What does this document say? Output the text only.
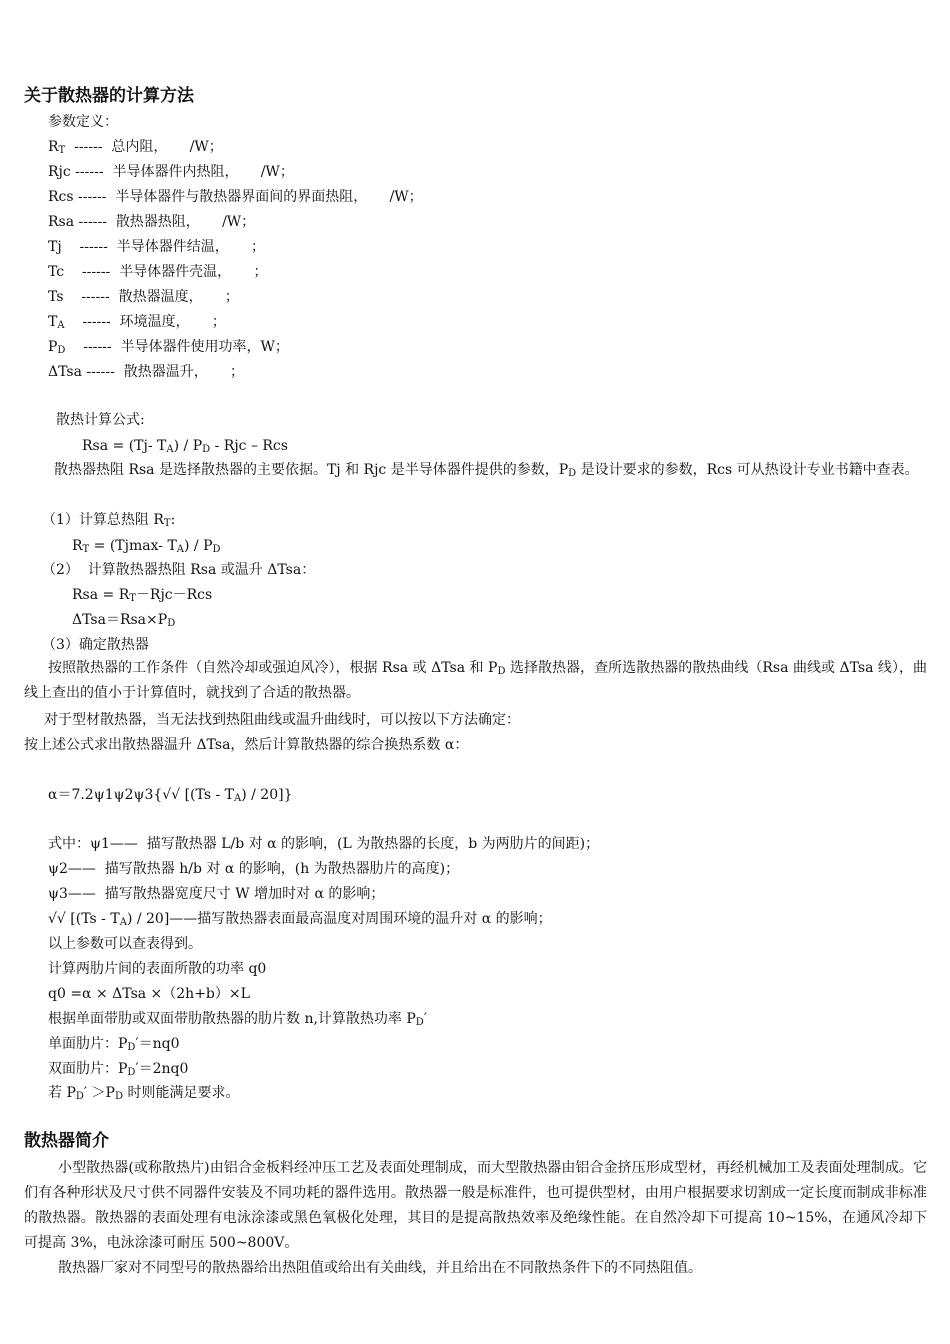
关于散热器的计算方法
参数定义：
$R_T$  ------  总内阻，     /W；
Rjc ------  半导体器件内热阻，     /W；
Rcs ------  半导体器件与散热器界面间的界面热阻，     /W；
Rsa ------  散热器热阻，     /W；
Tj    ------  半导体器件结温，     ；
Tc    ------  半导体器件壳温，     ；
Ts    ------  散热器温度，     ；
$T_A$    ------  环境温度，     ；
$P_D$    ------  半导体器件使用功率，W；
ΔTsa ------  散热器温升，     ；
散热计算公式:
Rsa = (Tj- $T_A) / P_D$ - Rjc – Rcs
散热器热阻 Rsa 是选择散热器的主要依据。Tj 和 Rjc 是半导体器件提供的参数，$P_D$ 是设计要求的参数，Rcs 可从热设计专业书籍中查表。
（1）计算总热阻 $R_T$:
$R_T = (Tjmax-$ $T_A) / P_D$
（2）  计算散热器热阻 Rsa 或温升 ΔTsa：
Rsa = $R_T-Rjc-Rcs$
$\Delta Tsa=Rsa\times P_D$
（3）确定散热器
按照散热器的工作条件（自然冷却或强迫风冷），根据 Rsa 或 ΔTsa 和 $P_D$ 选择散热器，查所选散热器的散热曲线（Rsa 曲线或 ΔTsa 线），曲线上查出的值小于计算值时，就找到了合适的散热器。
对于型材散热器，当无法找到热阻曲线或温升曲线时，可以按以下方法确定：
按上述公式求出散热器温升 ΔTsa，然后计算散热器的综合换热系数 α：
α＝7.2ψ1ψ2ψ3{√√ $[(Ts - T_A) / 20]$}
式中：ψ1——  描写散热器 L/b 对 α 的影响，(L 为散热器的长度，b 为两肋片的间距)；
ψ2——  描写散热器 h/b 对 α 的影响，(h 为散热器肋片的高度)；
ψ3——  描写散热器宽度尺寸 W 增加时对 α 的影响；
√√ [$(Ts - T_A)$ / 20]——描写散热器表面最高温度对周围环境的温升对 α 的影响；
以上参数可以查表得到。
计算两肋片间的表面所散的功率 q0
q0 =α × ΔTsa ×（2h+b）×L
根据单面带肋或双面带肋散热器的肋片数 n,计算散热功率 $P_D'$
单面肋片：$P_D'=nq0$
双面肋片：$P_D'=2nq0$
若 $P_D' >P_D$ 时则能满足要求。
散热器简介
小型散热器(或称散热片)由铝合金板料经冲压工艺及表面处理制成，而大型散热器由铝合金挤压形成型材，再经机械加工及表面处理制成。它们有各种形状及尺寸供不同器件安装及不同功耗的器件选用。散热器一般是标准件，也可提供型材，由用户根据要求切割成一定长度而制成非标准的散热器。散热器的表面处理有电泳涂漆或黑色氧极化处理，其目的是提高散热效率及绝缘性能。在自然冷却下可提高 10~15%，在通风冷却下可提高 3%，电泳涂漆可耐压 500~800V。
散热器厂家对不同型号的散热器给出热阻值或给出有关曲线，并且给出在不同散热条件下的不同热阻值。
